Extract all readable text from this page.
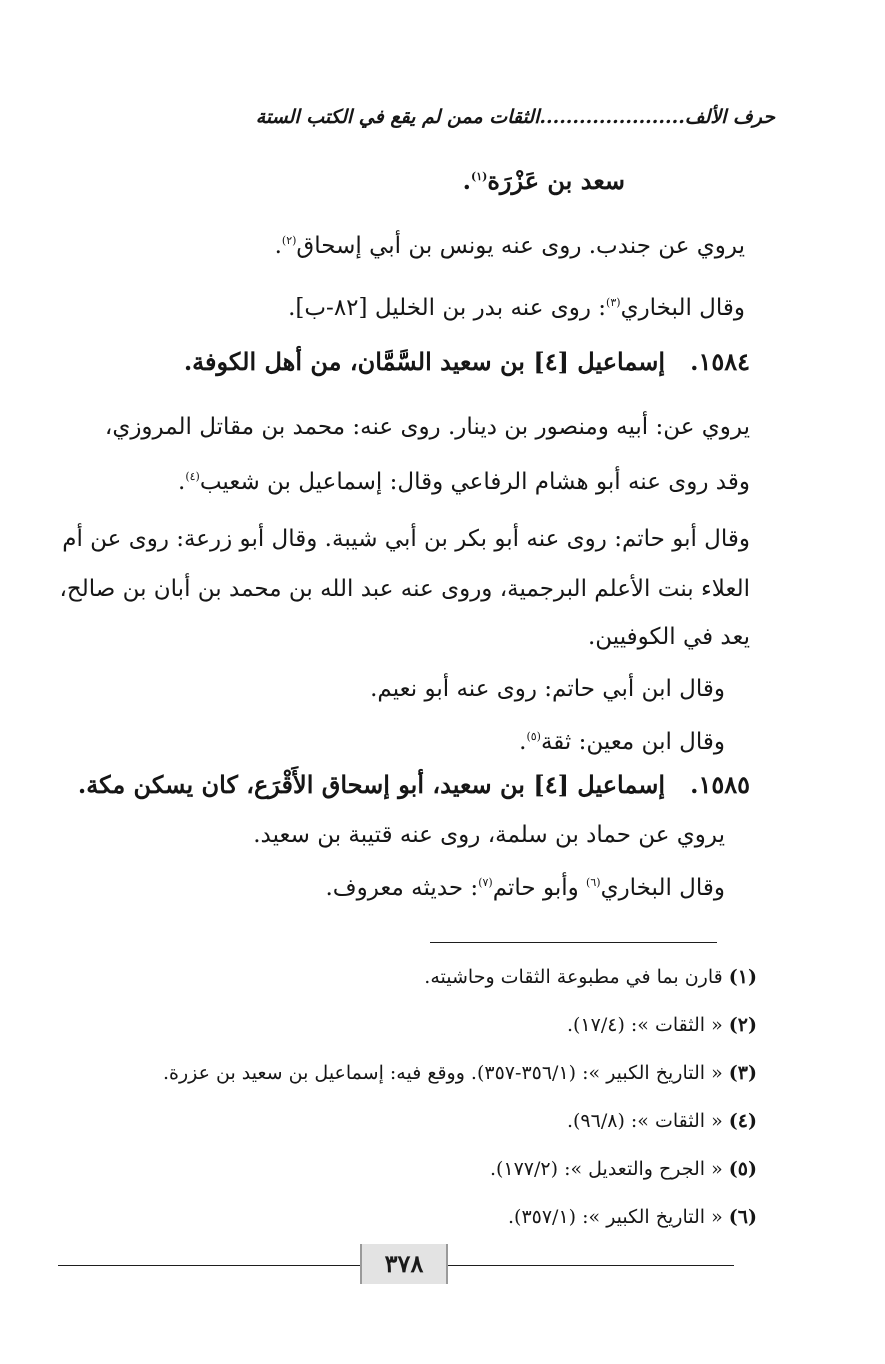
حرف الألف......................الثقات ممن لم يقع في الكتب الستة
سعد بن عَزْرَة$^{(١)}$.
يروي عن جندب. روى عنه يونس بن أبي إسحاق$^{(٢)}$.
وقال البخاري$^{(٣)}$: روى عنه بدر بن الخليل [٨٢-ب].
١٥٨٤.   إسماعيل [٤] بن سعيد السَّمَّان، من أهل الكوفة.
يروي عن: أبيه ومنصور بن دينار. روى عنه: محمد بن مقاتل المروزي،
وقد روى عنه أبو هشام الرفاعي وقال: إسماعيل بن شعيب$^{(٤)}$.
وقال أبو حاتم: روى عنه أبو بكر بن أبي شيبة. وقال أبو زرعة: روى عن أم
العلاء بنت الأعلم البرجمية، وروى عنه عبد الله بن محمد بن أبان بن صالح،
يعد في الكوفيين.
وقال ابن أبي حاتم: روى عنه أبو نعيم.
وقال ابن معين: ثقة$^{(٥)}$.
١٥٨٥.   إسماعيل [٤] بن سعيد، أبو إسحاق الأَقْرَع، كان يسكن مكة.
يروي عن حماد بن سلمة، روى عنه قتيبة بن سعيد.
وقال البخاري$^{(٦)}$ وأبو حاتم$^{(٧)}$: حديثه معروف.
(١) قارن بما في مطبوعة الثقات وحاشيته.
(٢) « الثقات »: (١٧/٤).
(٣) « التاريخ الكبير »: (٣٥٦/١-٣٥٧). ووقع فيه: إسماعيل بن سعيد بن عزرة.
(٤) « الثقات »: (٩٦/٨).
(٥) « الجرح والتعديل »: (١٧٧/٢).
(٦) « التاريخ الكبير »: (٣٥٧/١).
٣٧٨
